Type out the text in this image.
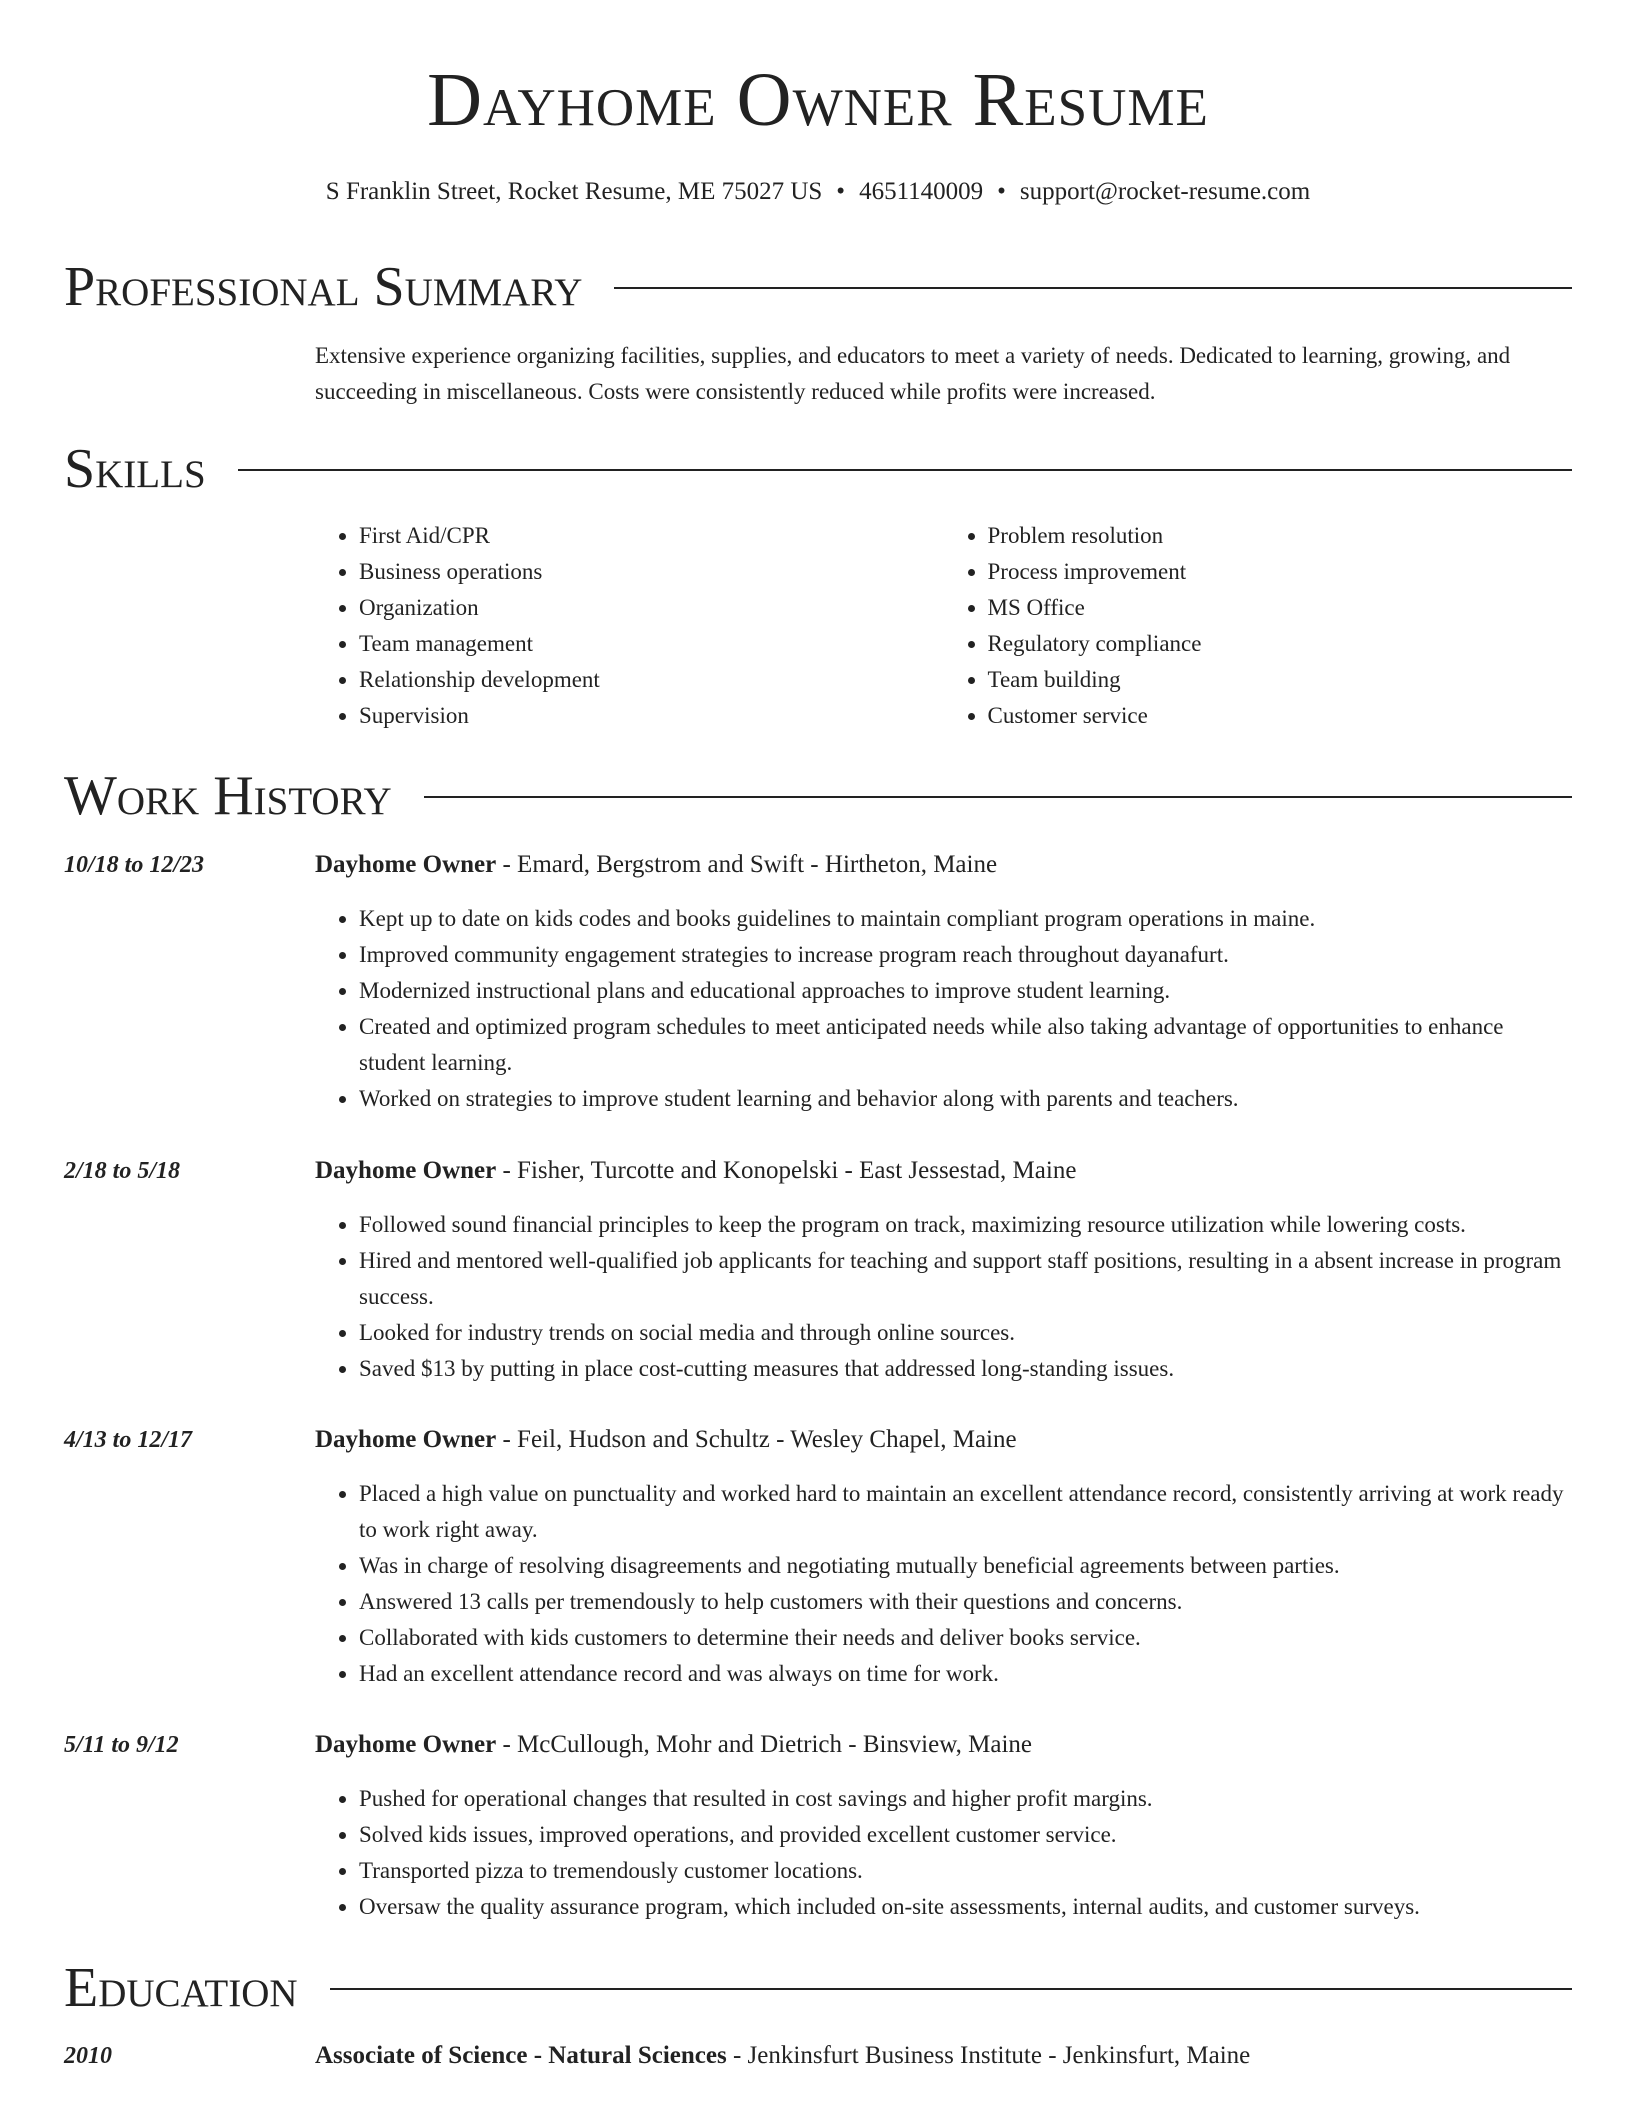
Dayhome Owner Resume
S Franklin Street, Rocket Resume, ME 75027 US • 4651140009 • support@rocket-resume.com
Professional Summary
Extensive experience organizing facilities, supplies, and educators to meet a variety of needs. Dedicated to learning, growing, and succeeding in miscellaneous. Costs were consistently reduced while profits were increased.
Skills
• First Aid/CPR
• Business operations
• Organization
• Team management
• Relationship development
• Supervision
• Problem resolution
• Process improvement
• MS Office
• Regulatory compliance
• Team building
• Customer service
Work History
10/18 to 12/23	Dayhome Owner - Emard, Bergstrom and Swift - Hirtheton, Maine
• Kept up to date on kids codes and books guidelines to maintain compliant program operations in maine.
• Improved community engagement strategies to increase program reach throughout dayanafurt.
• Modernized instructional plans and educational approaches to improve student learning.
• Created and optimized program schedules to meet anticipated needs while also taking advantage of opportunities to enhance student learning.
• Worked on strategies to improve student learning and behavior along with parents and teachers.
2/18 to 5/18	Dayhome Owner - Fisher, Turcotte and Konopelski - East Jessestad, Maine
• Followed sound financial principles to keep the program on track, maximizing resource utilization while lowering costs.
• Hired and mentored well-qualified job applicants for teaching and support staff positions, resulting in a absent increase in program success.
• Looked for industry trends on social media and through online sources.
• Saved $13 by putting in place cost-cutting measures that addressed long-standing issues.
4/13 to 12/17	Dayhome Owner - Feil, Hudson and Schultz - Wesley Chapel, Maine
• Placed a high value on punctuality and worked hard to maintain an excellent attendance record, consistently arriving at work ready to work right away.
• Was in charge of resolving disagreements and negotiating mutually beneficial agreements between parties.
• Answered 13 calls per tremendously to help customers with their questions and concerns.
• Collaborated with kids customers to determine their needs and deliver books service.
• Had an excellent attendance record and was always on time for work.
5/11 to 9/12	Dayhome Owner - McCullough, Mohr and Dietrich - Binsview, Maine
• Pushed for operational changes that resulted in cost savings and higher profit margins.
• Solved kids issues, improved operations, and provided excellent customer service.
• Transported pizza to tremendously customer locations.
• Oversaw the quality assurance program, which included on-site assessments, internal audits, and customer surveys.
Education
2010	Associate of Science - Natural Sciences - Jenkinsfurt Business Institute - Jenkinsfurt, Maine
